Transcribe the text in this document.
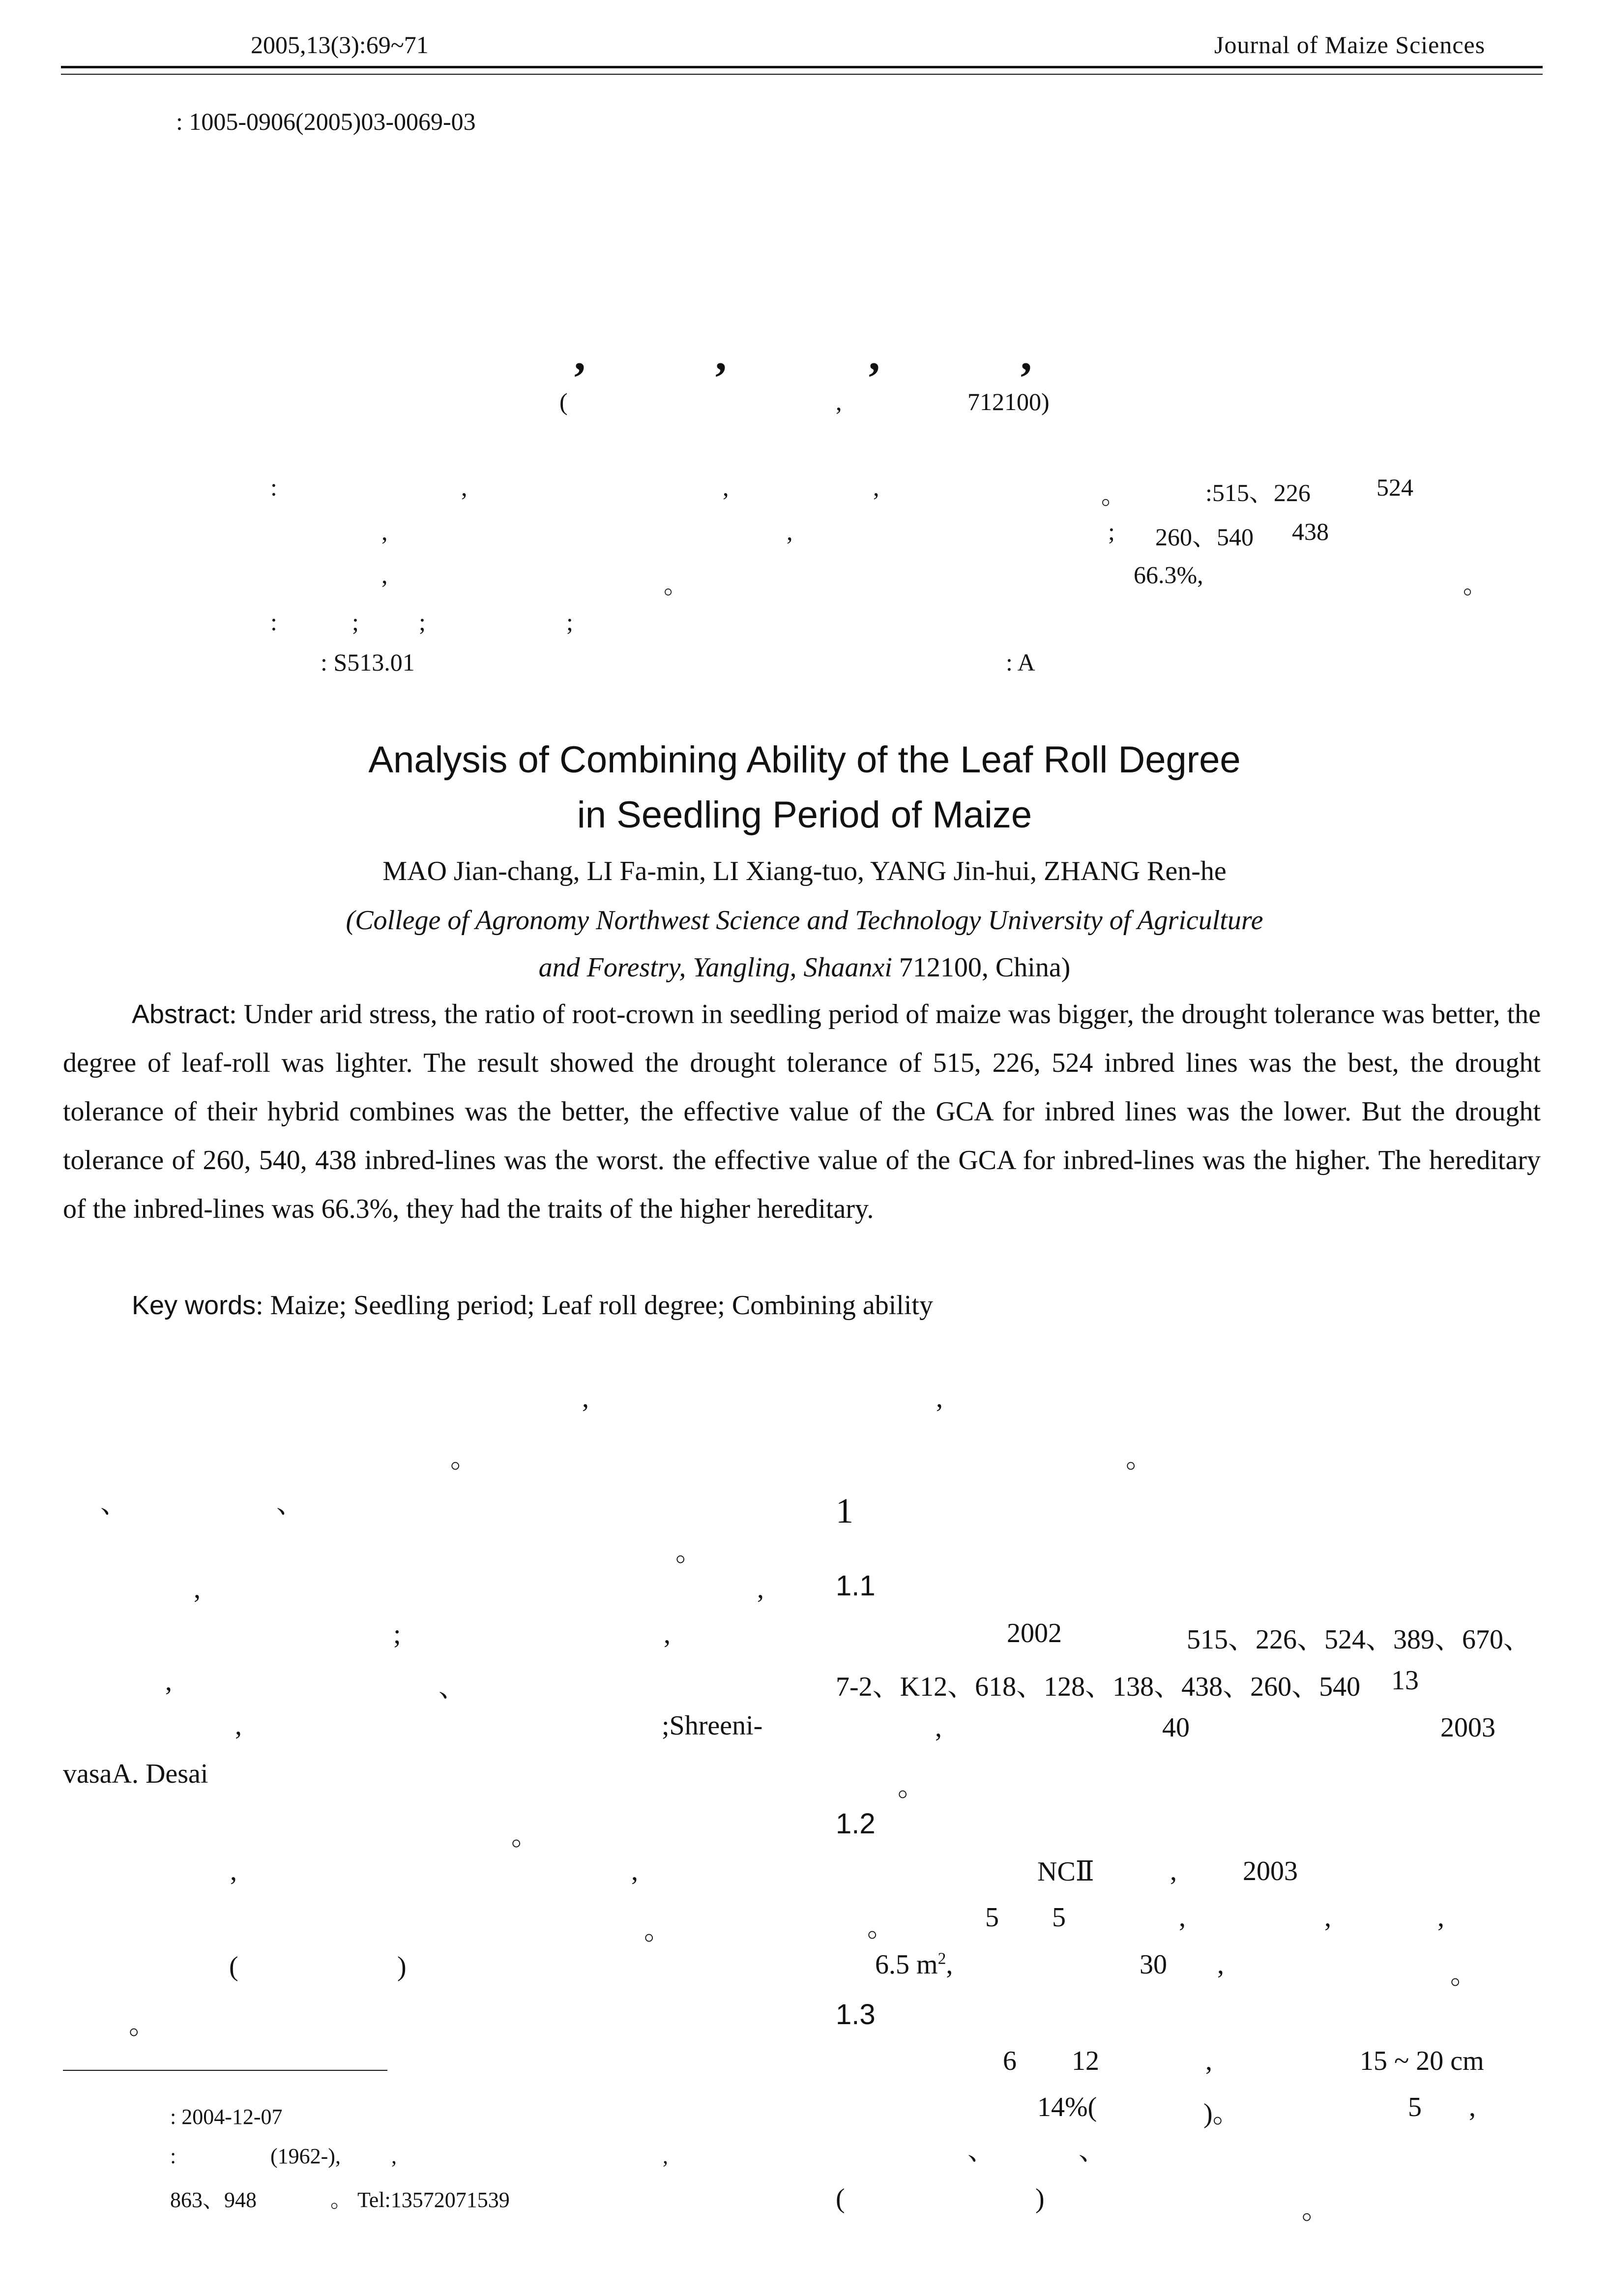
2005,13(3):69~71	Journal of Maize Sciences
: 1005-0906(2005)03-0069-03
,	,	,	,
(	,	712100)
:	,	,	,	。	:515、226	524
,	,	; 260、540 438
,	。	66.3%,	。
:	; ;	;
: S513.01	: A
Analysis of Combining Ability of the Leaf Roll Degree
in Seedling Period of Maize
MAO Jian-chang, LI Fa-min, LI Xiang-tuo, YANG Jin-hui, ZHANG Ren-he
(College of Agronomy Northwest Science and Technology University of Agriculture
and Forestry, Yangling, Shaanxi 712100, China)
Abstract: Under arid stress, the ratio of root-crown in seedling period of maize was bigger, the drought tolerance was better, the degree of leaf-roll was lighter. The result showed the drought tolerance of 515, 226, 524 inbred lines was the best, the drought tolerance of their hybrid combines was the better, the effective value of the GCA for inbred lines was the lower. But the drought tolerance of 260, 540, 438 inbred-lines was the worst. the effective value of the GCA for inbred-lines was the higher. The hereditary of the inbred-lines was 66.3%, they had the traits of the higher hereditary.
Key words: Maize; Seedling period; Leaf roll degree; Combining ability
,
。
、	、
。
,	,
;	,
,	、
,	;Shreeni-
vasaA. Desai
。
,	,
。
(	)
。
,
。
1
1.1
2002	515、226、524、389、670、
7-2、K12、618、128、138、438、260、540 13
,	40	2003
。
1.2
NCⅡ	, 2003
。	5 5	,	,	,
6.5 $m^2$,	30 ,	。
1.3
6 12	,	15 ~ 20 cm
14%(	)。	5 ,
、	、
(	)	。
: 2004-12-07
:	(1962-), ,	,
863、948	。 Tel:13572071539
